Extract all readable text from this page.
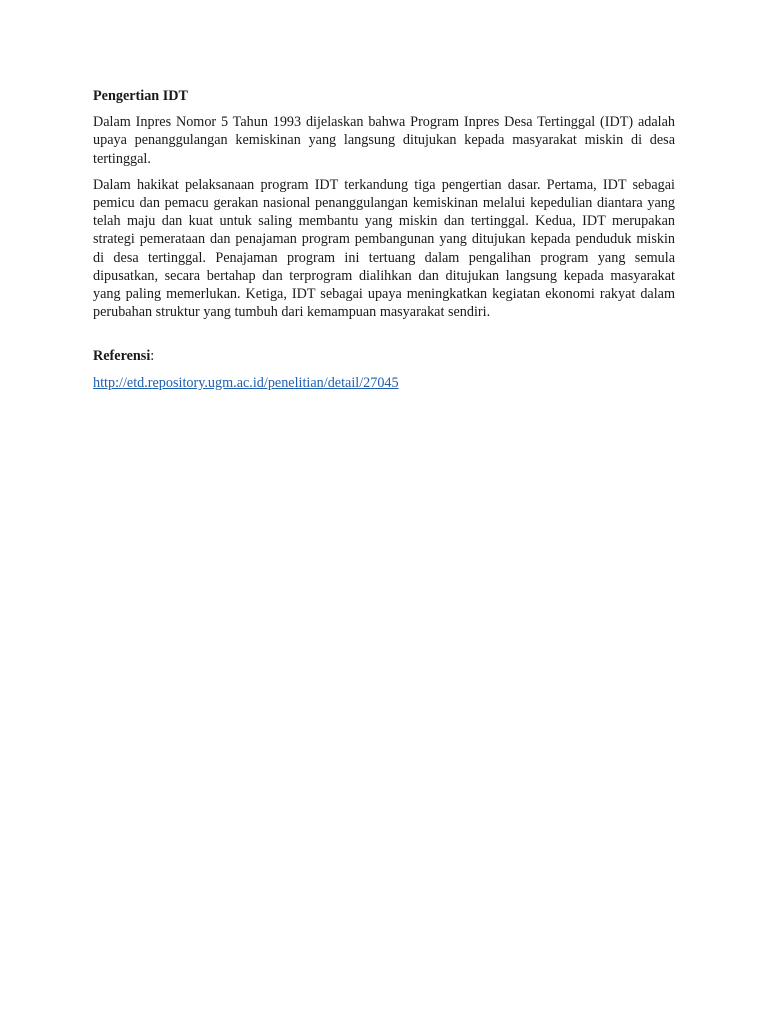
Pengertian IDT

Dalam Inpres Nomor 5 Tahun 1993 dijelaskan bahwa Program Inpres Desa Tertinggal (IDT) adalah upaya penanggulangan kemiskinan yang langsung ditujukan kepada masyarakat miskin di desa tertinggal.

Dalam hakikat pelaksanaan program IDT terkandung tiga pengertian dasar. Pertama, IDT sebagai pemicu dan pemacu gerakan nasional penanggulangan kemiskinan melalui kepedulian diantara yang telah maju dan kuat untuk saling membantu yang miskin dan tertinggal. Kedua, IDT merupakan strategi pemerataan dan penajaman program pembangunan yang ditujukan kepada penduduk miskin di desa tertinggal. Penajaman program ini tertuang dalam pengalihan program yang semula dipusatkan, secara bertahap dan terprogram dialihkan dan ditujukan langsung kepada masyarakat yang paling memerlukan. Ketiga, IDT sebagai upaya meningkatkan kegiatan ekonomi rakyat dalam perubahan struktur yang tumbuh dari kemampuan masyarakat sendiri.

Referensi:

http://etd.repository.ugm.ac.id/penelitian/detail/27045
